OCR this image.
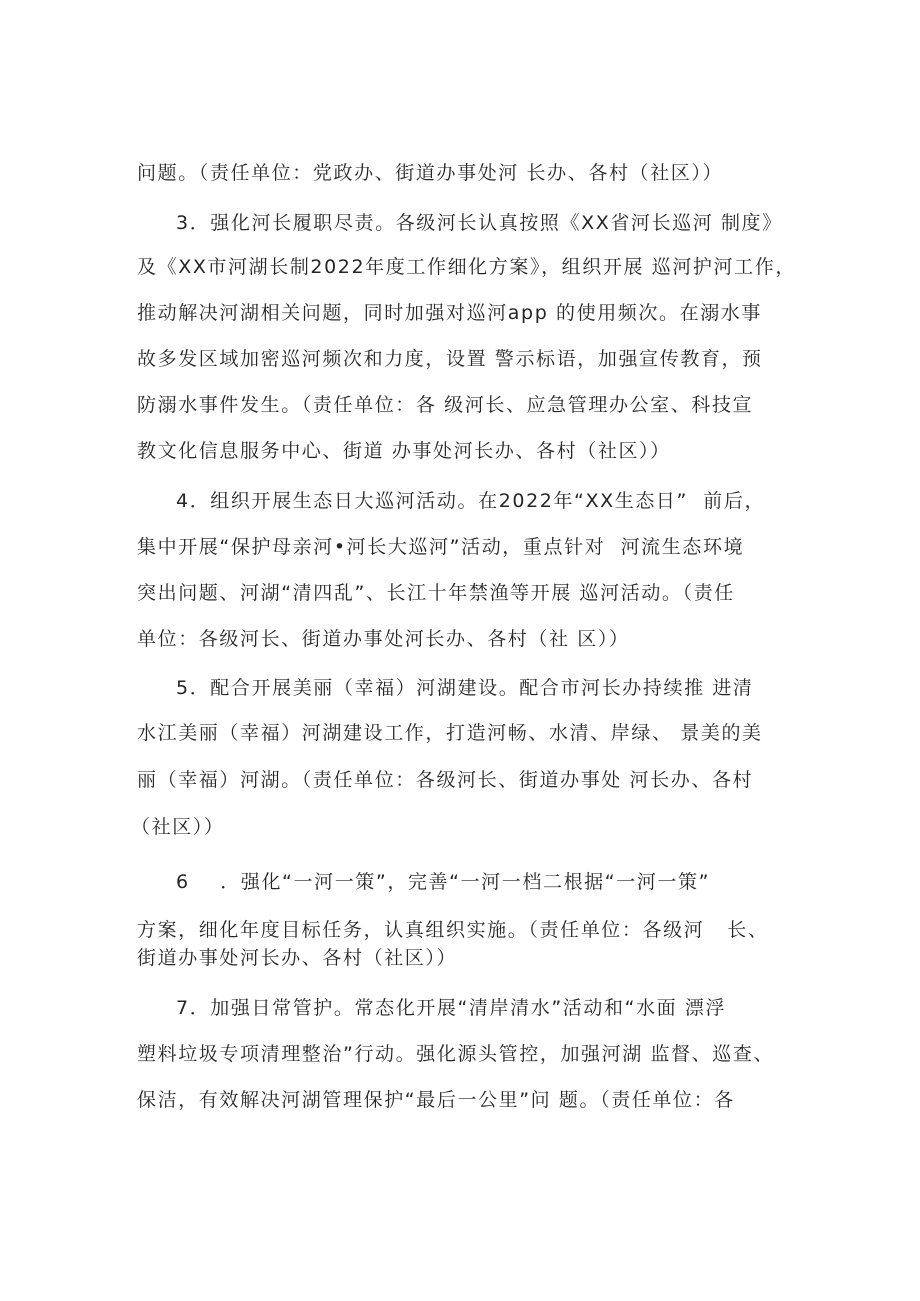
问题。（责任单位：党政办、街道办事处河 长办、各村（社区））
3．强化河长履职尽责。各级河长认真按照《XX省河长巡河 制度》
及《XX市河湖长制2022年度工作细化方案》，组织开展 巡河护河工作，
推动解决河湖相关问题，同时加强对巡河app 的使用频次。在溺水事
故多发区域加密巡河频次和力度，设置 警示标语，加强宣传教育，预
防溺水事件发生。（责任单位：各 级河长、应急管理办公室、科技宣
教文化信息服务中心、街道 办事处河长办、各村（社区））
4．组织开展生态日大巡河活动。在2022年“XX生态日”  前后，
集中开展“保护母亲河•河长大巡河”活动，重点针对  河流生态环境
突出问题、河湖“清四乱”、长江十年禁渔等开展 巡河活动。（责任
单位：各级河长、街道办事处河长办、各村（社 区））
5．配合开展美丽（幸福）河湖建设。配合市河长办持续推 进清
水江美丽（幸福）河湖建设工作，打造河畅、水清、岸绿、 景美的美
丽（幸福）河湖。（责任单位：各级河长、街道办事处 河长办、各村
（社区））
6    ．强化“一河一策”，完善“一河一档二根据“一河一策”
方案，细化年度目标任务，认真组织实施。（责任单位：各级河   长、
街道办事处河长办、各村（社区））
7．加强日常管护。常态化开展“清岸清水”活动和“水面 漂浮
塑料垃圾专项清理整治”行动。强化源头管控，加强河湖 监督、巡查、
保洁，有效解决河湖管理保护“最后一公里”问 题。（责任单位：各
